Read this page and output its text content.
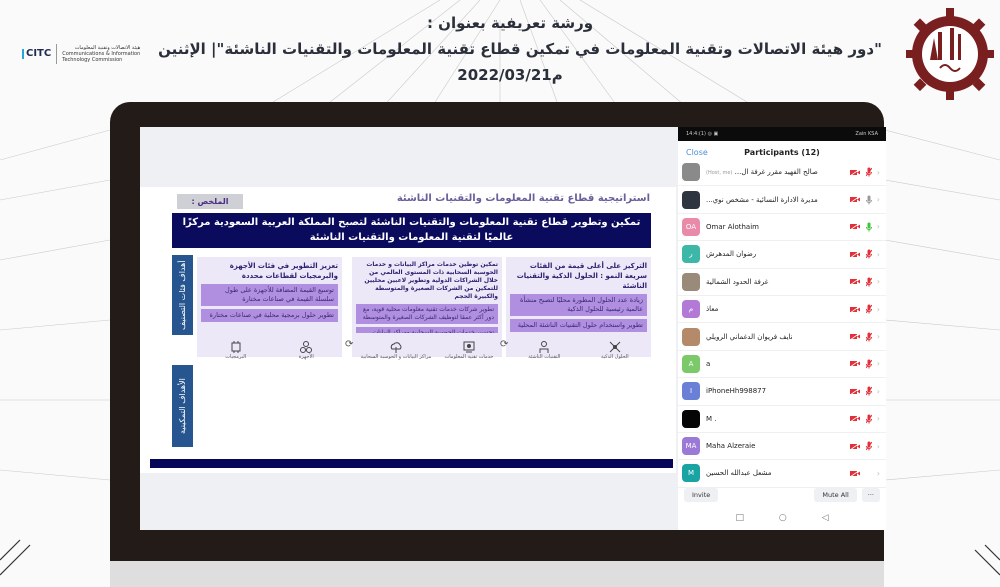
ورشة تعريفية بعنوان :
"دور هيئة الاتصالات وتقنية المعلومات في تمكين قطاع تقنية المعلومات والتقنيات الناشئة"| الإثنين
2022/03/21م
CITC	هيئة الاتصالات وتقنية المعلومات
Communications & Information
Technology Commission
استراتيجية قطاع تقنية المعلومات والتقنيات الناشئة
الملخص :
تمكين وتطوير قطاع تقنية المعلومات والتقنيات الناشئة لتصبح المملكة العربية السعودية مركزًا عالميًا لتقنية المعلومات والتقنيات الناشئة
أهداف فئات التصنيف
الأهداف التمكينية
التركيز على أعلى قيمة من الفئات سريعة النمو : الحلول الذكية والتقنيات الناشئة
زيادة عدد الحلول المطورة محليًا لتصبح منشأة عالمية رئيسية للحلول الذكية
تطوير واستخدام حلول التقنيات الناشئة المحلية
تمكين توطين خدمات مراكز البيانات و خدمات الحوسبة السحابية ذات المستوى العالمي من خلال الشراكات الدولية وتطوير لاعبين محليين للتمكين من الشركات الصغيرة والمتوسطة والكبيرة الحجم
تطوير شركات خدمات تقنية معلومات محلية قوية، مع دور أكثر عمقا لتوظيف الشركات الصغيرة والمتوسطة
تعزيز التطوير في فئات الأجهزة والبرمجيات لقطاعات محددة
توسيع القيمة المضافة للأجهزة على طول سلسلة القيمة في صناعات مختارة
تطوير حلول برمجية محلية في صناعات مختارة
التقنيات الناشئة	الحلول الذكية
مراكز البيانات و الحوسبة السحابية	خدمات تقنية المعلومات
البرمجيات	الأجهزة
⟳	⟳
‎14:4:(1) ◎ ▣	Zain KSA
Close	Participants (12)
صالح الفهيد مقرر غرفة ال... (Host, me)	›
مديرة الادارة النسائية - مشخص نوي...	›
OA	Omar Alothaim	›
ر	رضوان المدهرش	›
غرفة الحدود الشمالية	›
م	معاذ	›
نايف فريوان الدغماني الرويلي	›
A	a	›
I	iPhoneHh998877	›
M .	›
MA	Maha Alzeraie	›
M	مشعل عبدالله الحسين	›
Invite	Mute All	···
□	○	◁
